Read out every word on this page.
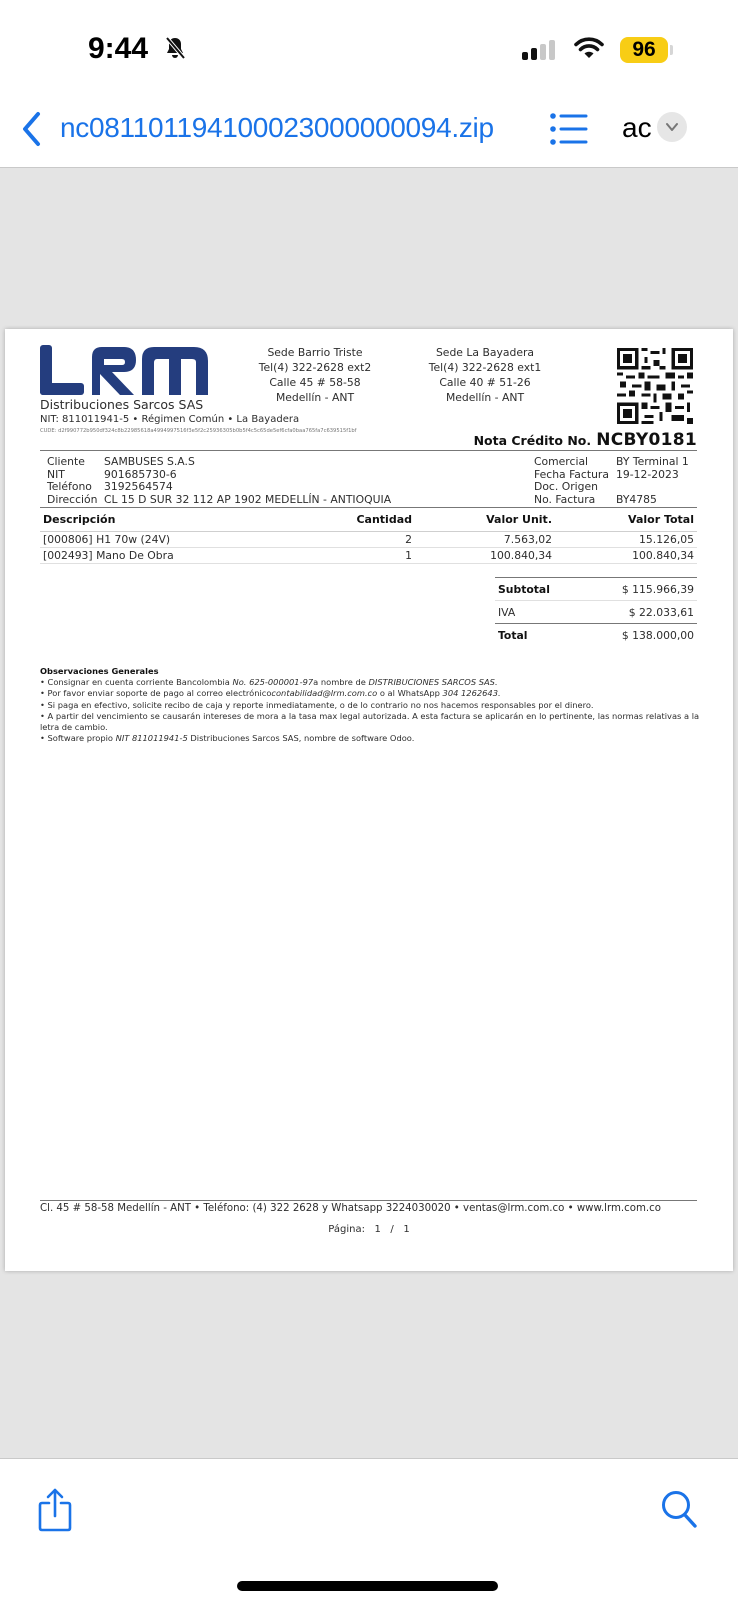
9:44	96
nc081101194100023000000094.zip	ac
Distribuciones Sarcos SAS
NIT: 811011941-5 • Régimen Común • La Bayadera
CUDE: d2f990772b950df324c8b22985618a4994997516f3e5f2c25936305b0b5f4c5c65de5ef6cfa0baa765fa7c639515f1bf
Sede Barrio Triste
Tel(4) 322-2628 ext2
Calle 45 # 58-58
Medellín - ANT
Sede La Bayadera
Tel(4) 322-2628 ext1
Calle 40 # 51-26
Medellín - ANT
Nota Crédito No. NCBY0181
Cliente	SAMBUSES S.A.S
NIT	901685730-6
Teléfono	3192564574
Dirección	CL 15 D SUR 32 112 AP 1902 MEDELLÍN - ANTIOQUIA
Comercial	BY Terminal 1
Fecha Factura	19-12-2023
Doc. Origen	
No. Factura	BY4785
Descripción	Cantidad	Valor Unit.	Valor Total
[000806] H1 70w (24V)	2	7.563,02	15.126,05
[002493] Mano De Obra	1	100.840,34	100.840,34
Subtotal	$ 115.966,39
IVA	$ 22.033,61
Total	$ 138.000,00
Observaciones Generales
• Consignar en cuenta corriente Bancolombia No. 625-000001-97a nombre de DISTRIBUCIONES SARCOS SAS.
• Por favor enviar soporte de pago al correo electrónicocontabilidad@lrm.com.co o al WhatsApp 304 1262643.
• Si paga en efectivo, solicite recibo de caja y reporte inmediatamente, o de lo contrario no nos hacemos responsables por el dinero.
• A partir del vencimiento se causarán intereses de mora a la tasa max legal autorizada. A esta factura se aplicarán en lo pertinente, las normas relativas a la letra de cambio.
• Software propio NIT 811011941-5 Distribuciones Sarcos SAS, nombre de software Odoo.
Cl. 45 # 58-58 Medellín - ANT • Teléfono: (4) 322 2628 y Whatsapp 3224030020 • ventas@lrm.com.co • www.lrm.com.co
Página: 1 / 1
